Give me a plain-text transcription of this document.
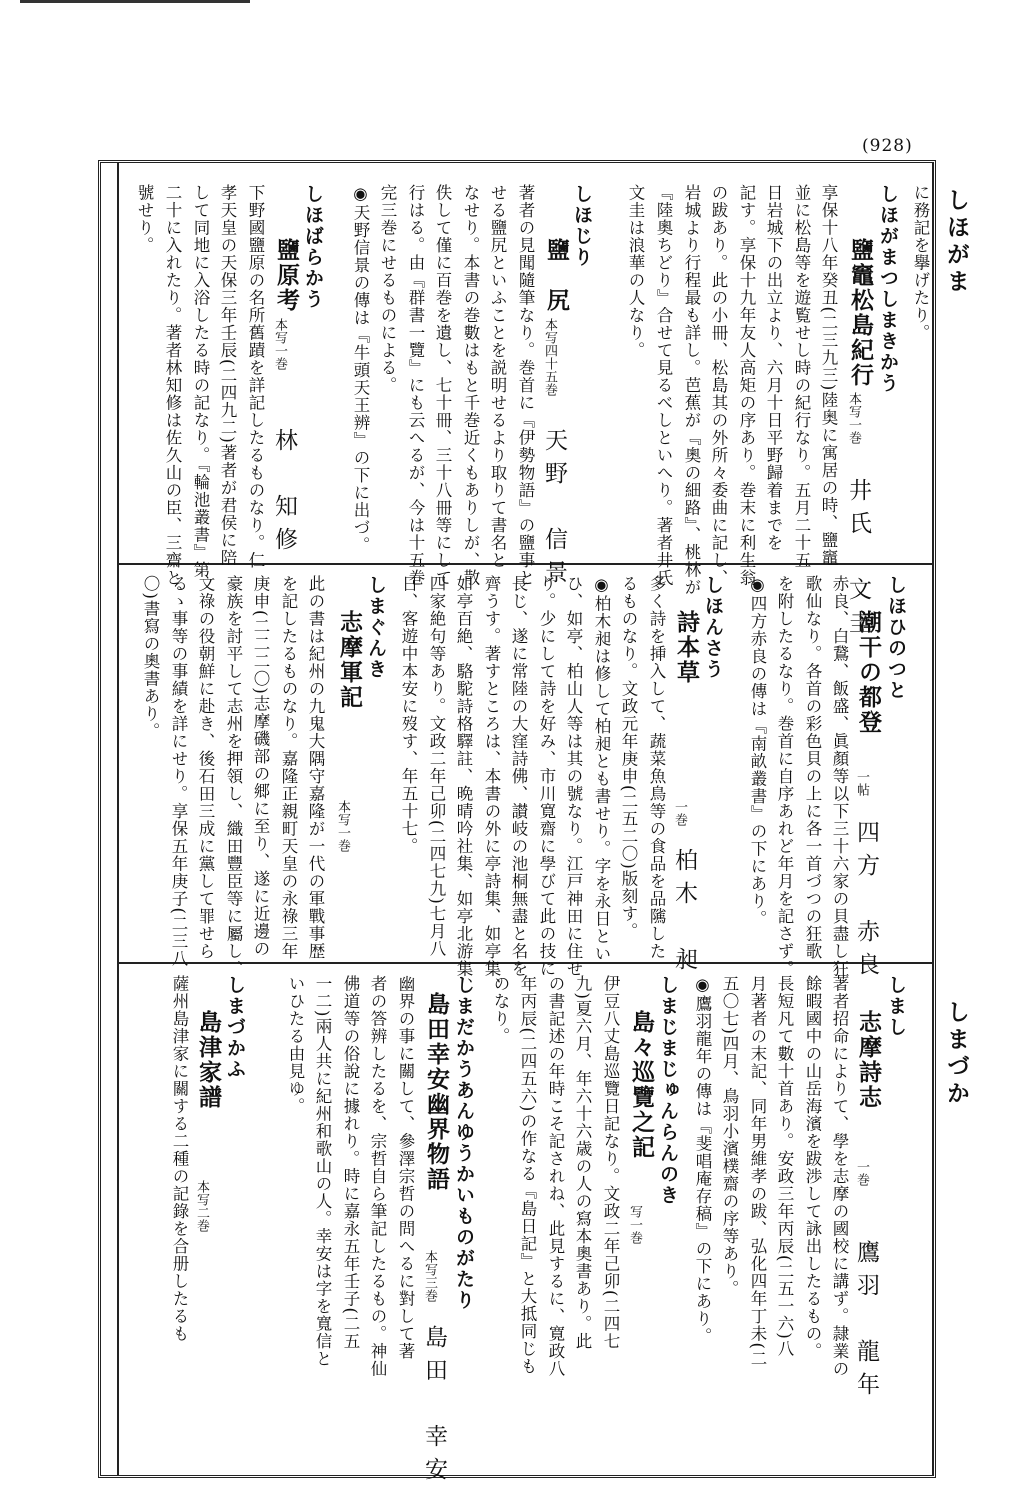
(928)
しほがま
しまづか
に務記を擧げたり。
しほがまつしまきかう
鹽竈松島紀行
本写一巻
井氏　文圭
享保十八年癸丑(二三九三)陸奥に寓居の時、鹽竈
並に松島等を遊覧せし時の紀行なり。五月二十五
日岩城下の出立より、六月十日平野歸着までを
記す。享保十九年友人高矩の序あり。巻末に利生翁
の跋あり。此の小冊、松島其の外所々委曲に記し、
岩城より行程最も詳し。芭蕉が『奧の細路』、桃林が
『陸奧ちどり』合せて見るべしといへり。著者井氏
文圭は浪華の人なり。
しほじり
鹽　尻
本写四十五巻
天野　信景
著者の見聞隨筆なり。巻首に『伊勢物語』の鹽事と
せる鹽尻といふことを説明せるより取りて書名と
なせり。本書の巻數はもと千巻近くもありしが、散
佚して僅に百巻を遺し、七十冊、三十八冊等にして
行はる。由『群書一覽』にも云へるが、今は十五巻
完三巻にせるものによる。
◉天野信景の傳は『牛頭天王辨』の下に出づ。
しほばらかう
鹽原考
本写一巻
林　知修
下野國鹽原の名所舊蹟を詳記したるものなり。仁
孝天皇の天保三年壬辰(二四九二)著者が君侯に陪
して同地に入浴したる時の記なり。『輪池叢書』第
二十に入れたり。著者林知修は佐久山の臣、三齋と
號せり。
しほひのつと
潮干の都登
一帖
四方　赤良
赤良、白鵞、飯盛、眞顏等以下三十六家の貝盡し狂
歌仙なり。各首の彩色貝の上に各一首づつの狂歌
を附したるなり。巻首に自序あれど年月を記さず。
◉四方赤良の傳は『南畝叢書』の下にあり。
しほんさう
詩本草
一巻
柏木　昶
多く詩を挿入して、蔬菜魚鳥等の食品を品隲した
るものなり。文政元年庚申(二五二〇)版刻す。
◉柏木昶は修して柏昶とも書せり。字を永日とい
ひ、如亭、柏山人等は其の號なり。江戸神田に住せ
り。少にして詩を好み、市川寛齋に學びて此の技に
長じ、遂に常陸の大窪詩佛、讃岐の池桐無盡と名を
齊うす。著すところは、本書の外に亭詩集、如亭集、
如亭百絶、駱駝詩格驛註、晩晴吟社集、如亭北游集、
四家絶句等あり。文政二年己卯(二四七九)七月八
日、客遊中本安に歿す、年五十七。
しまぐんき
志摩軍記
本写一巻
此の書は紀州の九鬼大隅守嘉隆が一代の軍戰事歴
を記したるものなり。嘉隆正親町天皇の永祿三年
庚申(二二二〇)志摩磯部の郷に至り、遂に近邊の
豪族を討平して志州を押領し、織田豐臣等に屬し、
文祿の役朝鮮に赴き、後石田三成に黨して罪せら
るゝ事等の事績を詳にせり。享保五年庚子(二三八
〇)書寫の奧書あり。
しまし
志摩詩志
一巻
鷹羽　龍年
著者招命によりて、學を志摩の國校に講ず。隷業の
餘暇國中の山岳海濱を跋渉して詠出したるもの。
長短凡て數十首あり。安政三年丙辰(二五一六)八
月著者の末記、同年男維孝の跋、弘化四年丁未(二
五〇七)四月、鳥羽小濱樸齋の序等あり。
◉鷹羽龍年の傳は『斐唱庵存稿』の下にあり。
しまじまじゅんらんのき
島々巡覽之記
写一巻
伊豆八丈島巡覽日記なり。文政二年己卯(二四七
九)夏六月、年六十六歳の人の寫本奧書あり。此
の書記述の年時こそ記されね、此見するに、寛政八
年丙辰(二四五六)の作なる『島日記』と大抵同じも
のなり。
しまだかうあんゆうかいものがたり
島田幸安幽界物語
本写三巻
島田　幸安
幽界の事に關して、參澤宗哲の問へるに對して著
者の答辨したるを、宗哲自ら筆記したるもの。神仙
佛道等の俗說に據れり。時に嘉永五年壬子(二五
一二)兩人共に紀州和歌山の人。幸安は字を寬信と
いひたる由見ゆ。
しまづかふ
島津家譜
本写二巻
薩州島津家に關する二種の記錄を合册したるも
